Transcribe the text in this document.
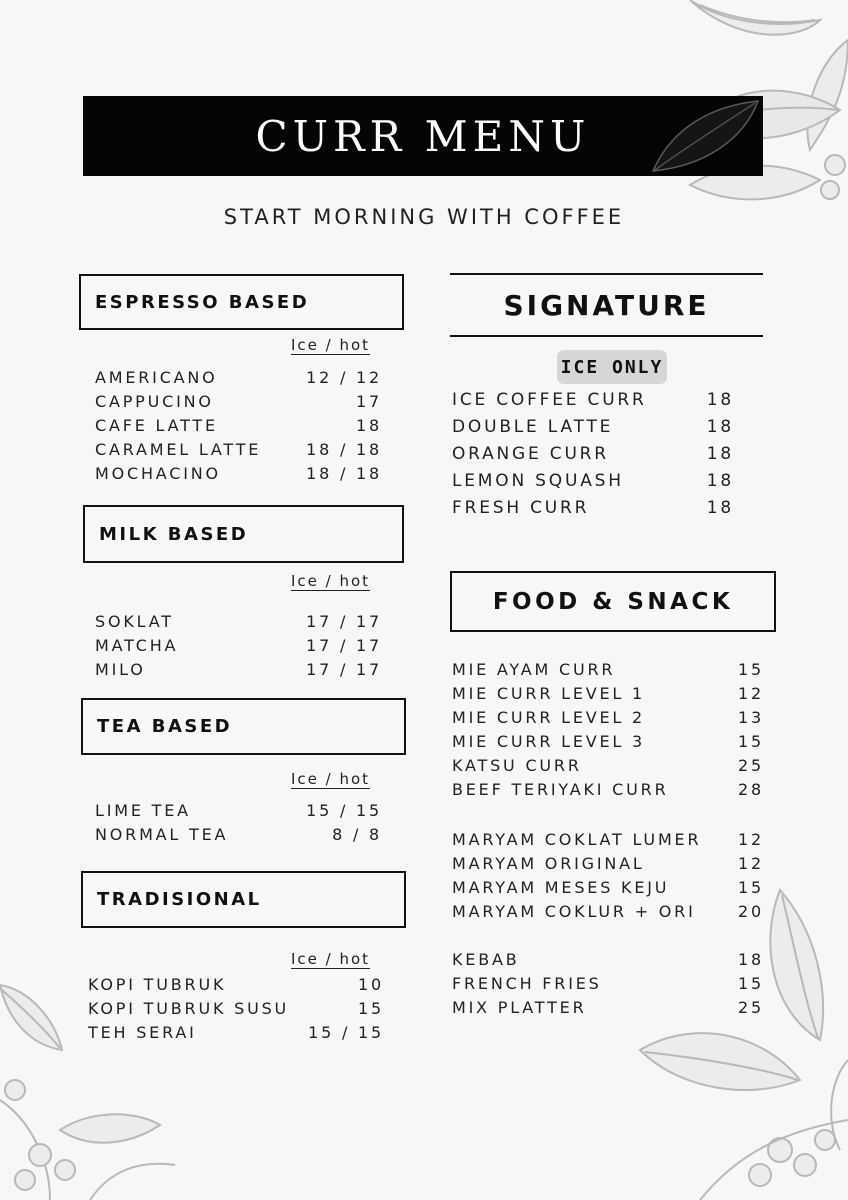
CURR MENU
START MORNING WITH COFFEE
ESPRESSO BASED
Ice / hot
AMERICANO	12 / 12
CAPPUCINO	17
CAFE LATTE	18
CARAMEL LATTE	18 / 18
MOCHACINO	18 / 18
MILK BASED
Ice / hot
SOKLAT	17 / 17
MATCHA	17 / 17
MILO	17 / 17
TEA BASED
Ice / hot
LIME TEA	15 / 15
NORMAL TEA	8 / 8
TRADISIONAL
Ice / hot
KOPI TUBRUK	10
KOPI TUBRUK SUSU	15
TEH SERAI	15 / 15
SIGNATURE
ICE ONLY
ICE COFFEE CURR	18
DOUBLE LATTE	18
ORANGE CURR	18
LEMON SQUASH	18
FRESH CURR	18
FOOD & SNACK
MIE AYAM CURR	15
MIE CURR LEVEL 1	12
MIE CURR LEVEL 2	13
MIE CURR LEVEL 3	15
KATSU CURR	25
BEEF TERIYAKI CURR	28
MARYAM COKLAT LUMER 12
MARYAM ORIGINAL	12
MARYAM MESES KEJU	15
MARYAM COKLUR + ORI	20
KEBAB	18
FRENCH FRIES	15
MIX PLATTER	25
